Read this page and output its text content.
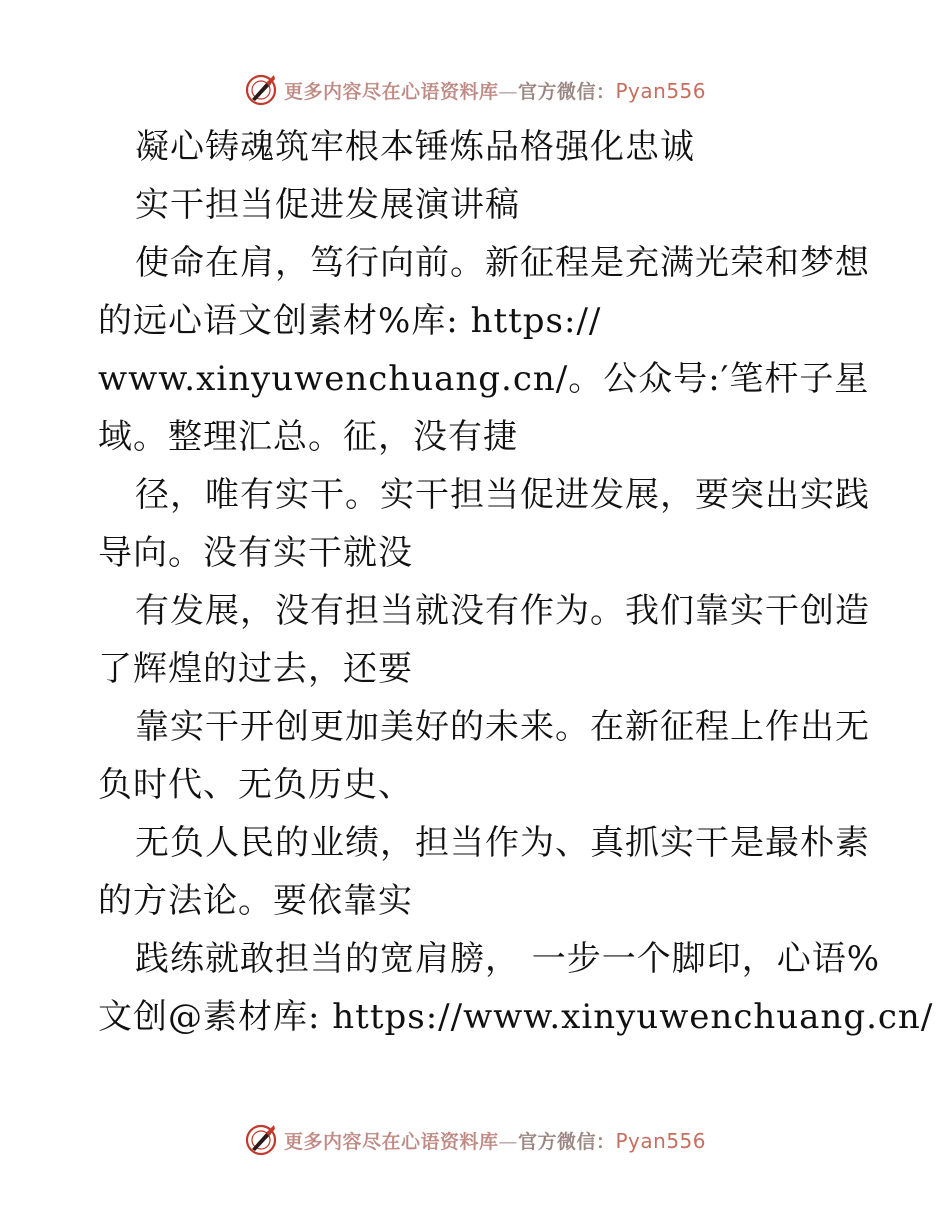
更多内容尽在心语资料库—官方微信：Pyan556
凝心铸魂筑牢根本锤炼品格强化忠诚
实干担当促进发展演讲稿
使命在肩，笃行向前。新征程是充满光荣和梦想
的远心语文创素材%库: https://
www.xinyuwenchuang.cn/。公众号:′笔杆子星
域。整理汇总。征，没有捷
径，唯有实干。实干担当促进发展，要突出实践
导向。没有实干就没
有发展，没有担当就没有作为。我们靠实干创造
了辉煌的过去，还要
靠实干开创更加美好的未来。在新征程上作出无
负时代、无负历史、
无负人民的业绩，担当作为、真抓实干是最朴素
的方法论。要依靠实
践练就敢担当的宽肩膀， 一步一个脚印，心语%
文创@素材库: https://www.xinyuwenchuang.cn/
更多内容尽在心语资料库—官方微信：Pyan556
